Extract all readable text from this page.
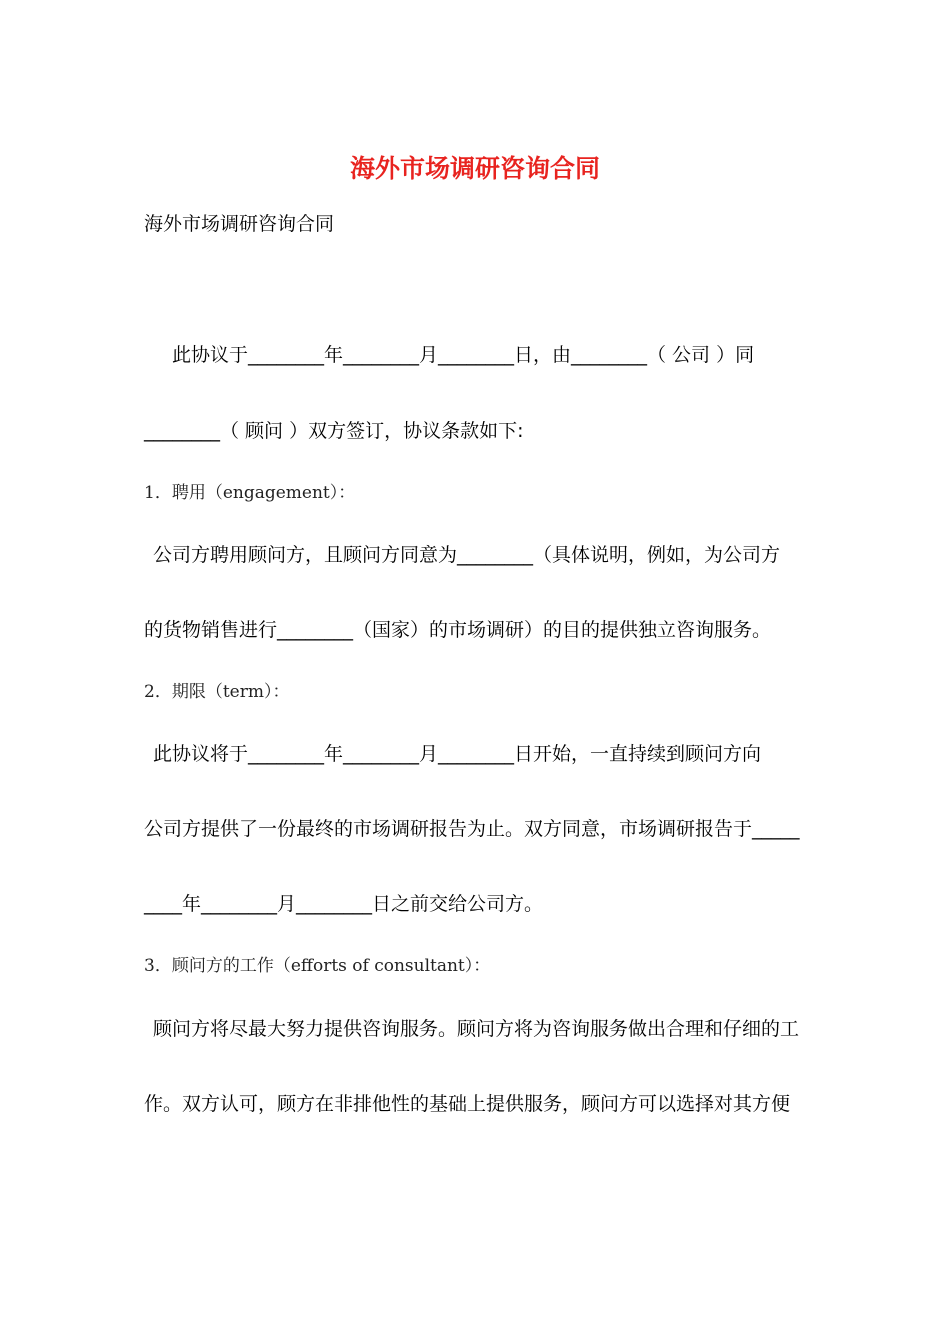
海外市场调研咨询合同
海外市场调研咨询合同
此协议于________年________月________日，由________（ 公司 ）同
________（ 顾问 ）双方签订，协议条款如下:
1．聘用（engagement）：
公司方聘用顾问方，且顾问方同意为________（具体说明，例如，为公司方
的货物销售进行________（国家）的市场调研）的目的提供独立咨询服务。
2．期限（term）：
此协议将于________年________月________日开始，一直持续到顾问方向
公司方提供了一份最终的市场调研报告为止。双方同意，市场调研报告于_____
____年________月________日之前交给公司方。
3．顾问方的工作（efforts of consultant）：
顾问方将尽最大努力提供咨询服务。顾问方将为咨询服务做出合理和仔细的工
作。双方认可，顾方在非排他性的基础上提供服务，顾问方可以选择对其方便
